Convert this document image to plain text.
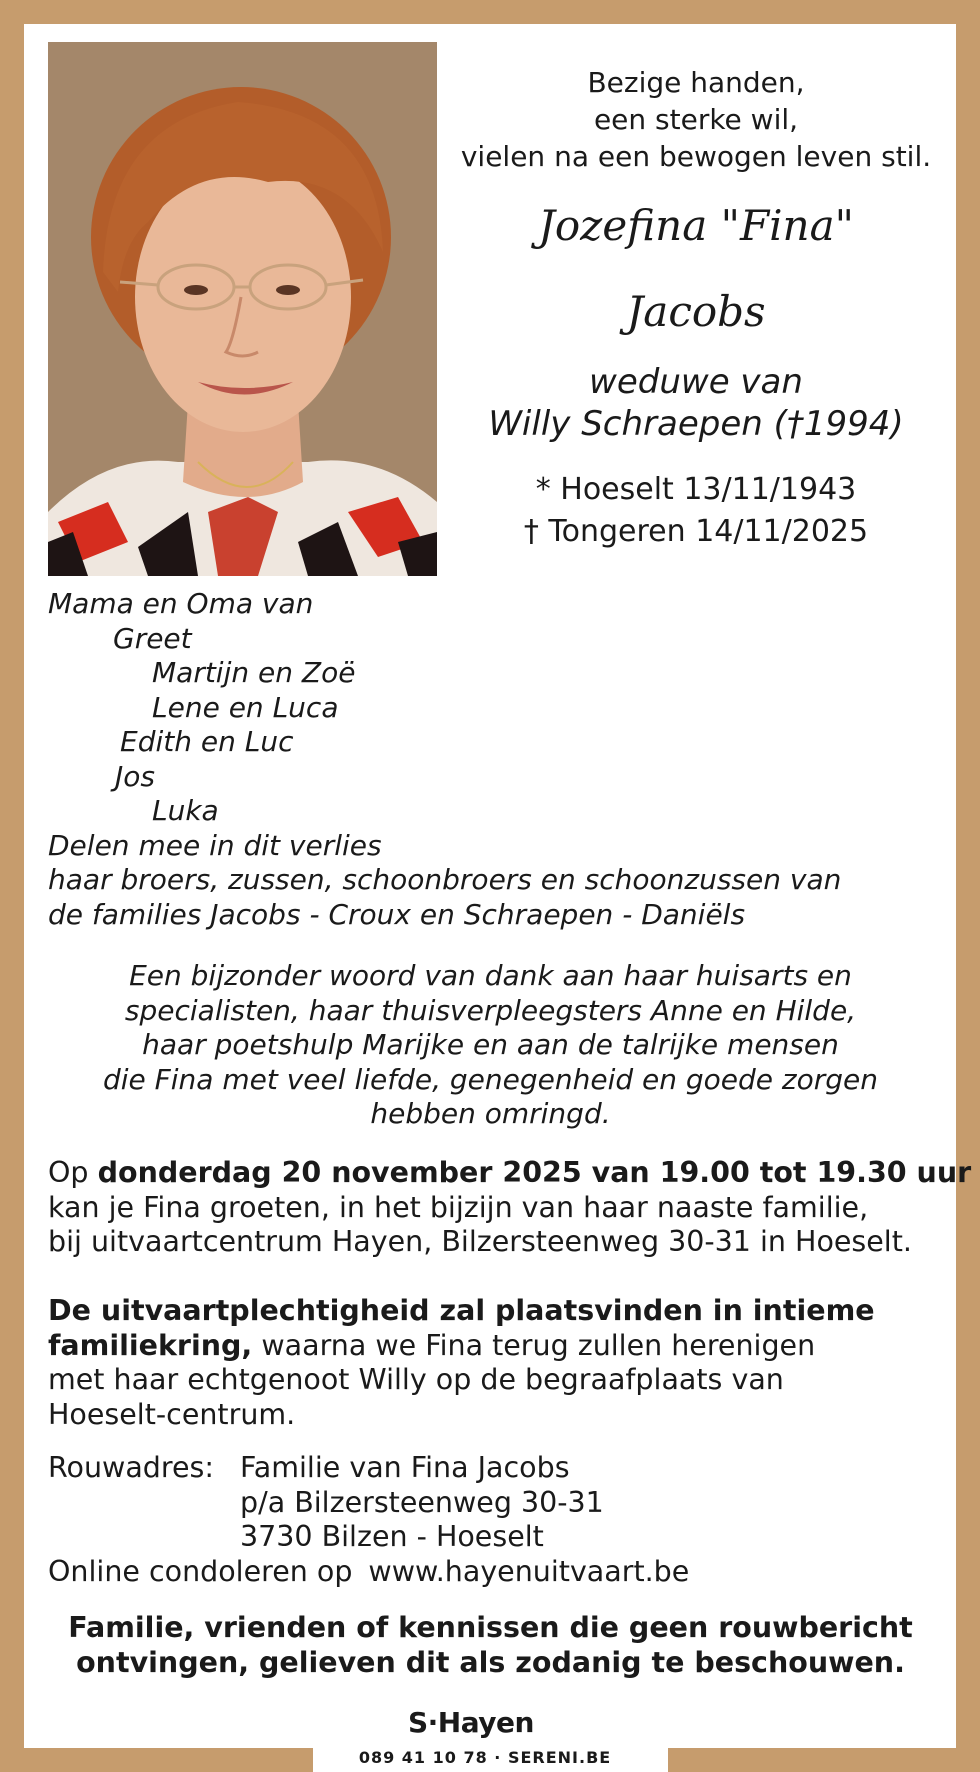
Bezige handen,
een sterke wil,
vielen na een bewogen leven stil.
Jozefina "Fina"
Jacobs
weduwe van
Willy Schraepen (†1994)
* Hoeselt 13/11/1943
† Tongeren 14/11/2025
Mama en Oma van
Greet
Martijn en Zoë
Lene en Luca
Edith en Luc
Jos
Luka
Delen mee in dit verlies
haar broers, zussen, schoonbroers en schoonzussen van
de families Jacobs - Croux en Schraepen - Daniëls
Een bijzonder woord van dank aan haar huisarts en
specialisten, haar thuisverpleegsters Anne en Hilde,
haar poetshulp Marijke en aan de talrijke mensen
die Fina met veel liefde, genegenheid en goede zorgen
hebben omringd.
Op donderdag 20 november 2025 van 19.00 tot 19.30 uur
kan je Fina groeten, in het bijzijn van haar naaste familie,
bij uitvaartcentrum Hayen, Bilzersteenweg 30-31 in Hoeselt.
De uitvaartplechtigheid zal plaatsvinden in intieme
familiekring, waarna we Fina terug zullen herenigen
met haar echtgenoot Willy op de begraafplaats van
Hoeselt-centrum.
Rouwadres: Familie van Fina Jacobs
p/a Bilzersteenweg 30-31
3730 Bilzen - Hoeselt
Online condoleren op www.hayenuitvaart.be
Familie, vrienden of kennissen die geen rouwbericht
ontvingen, gelieven dit als zodanig te beschouwen.
S·Hayen
089 41 10 78 · SERENI.BE
